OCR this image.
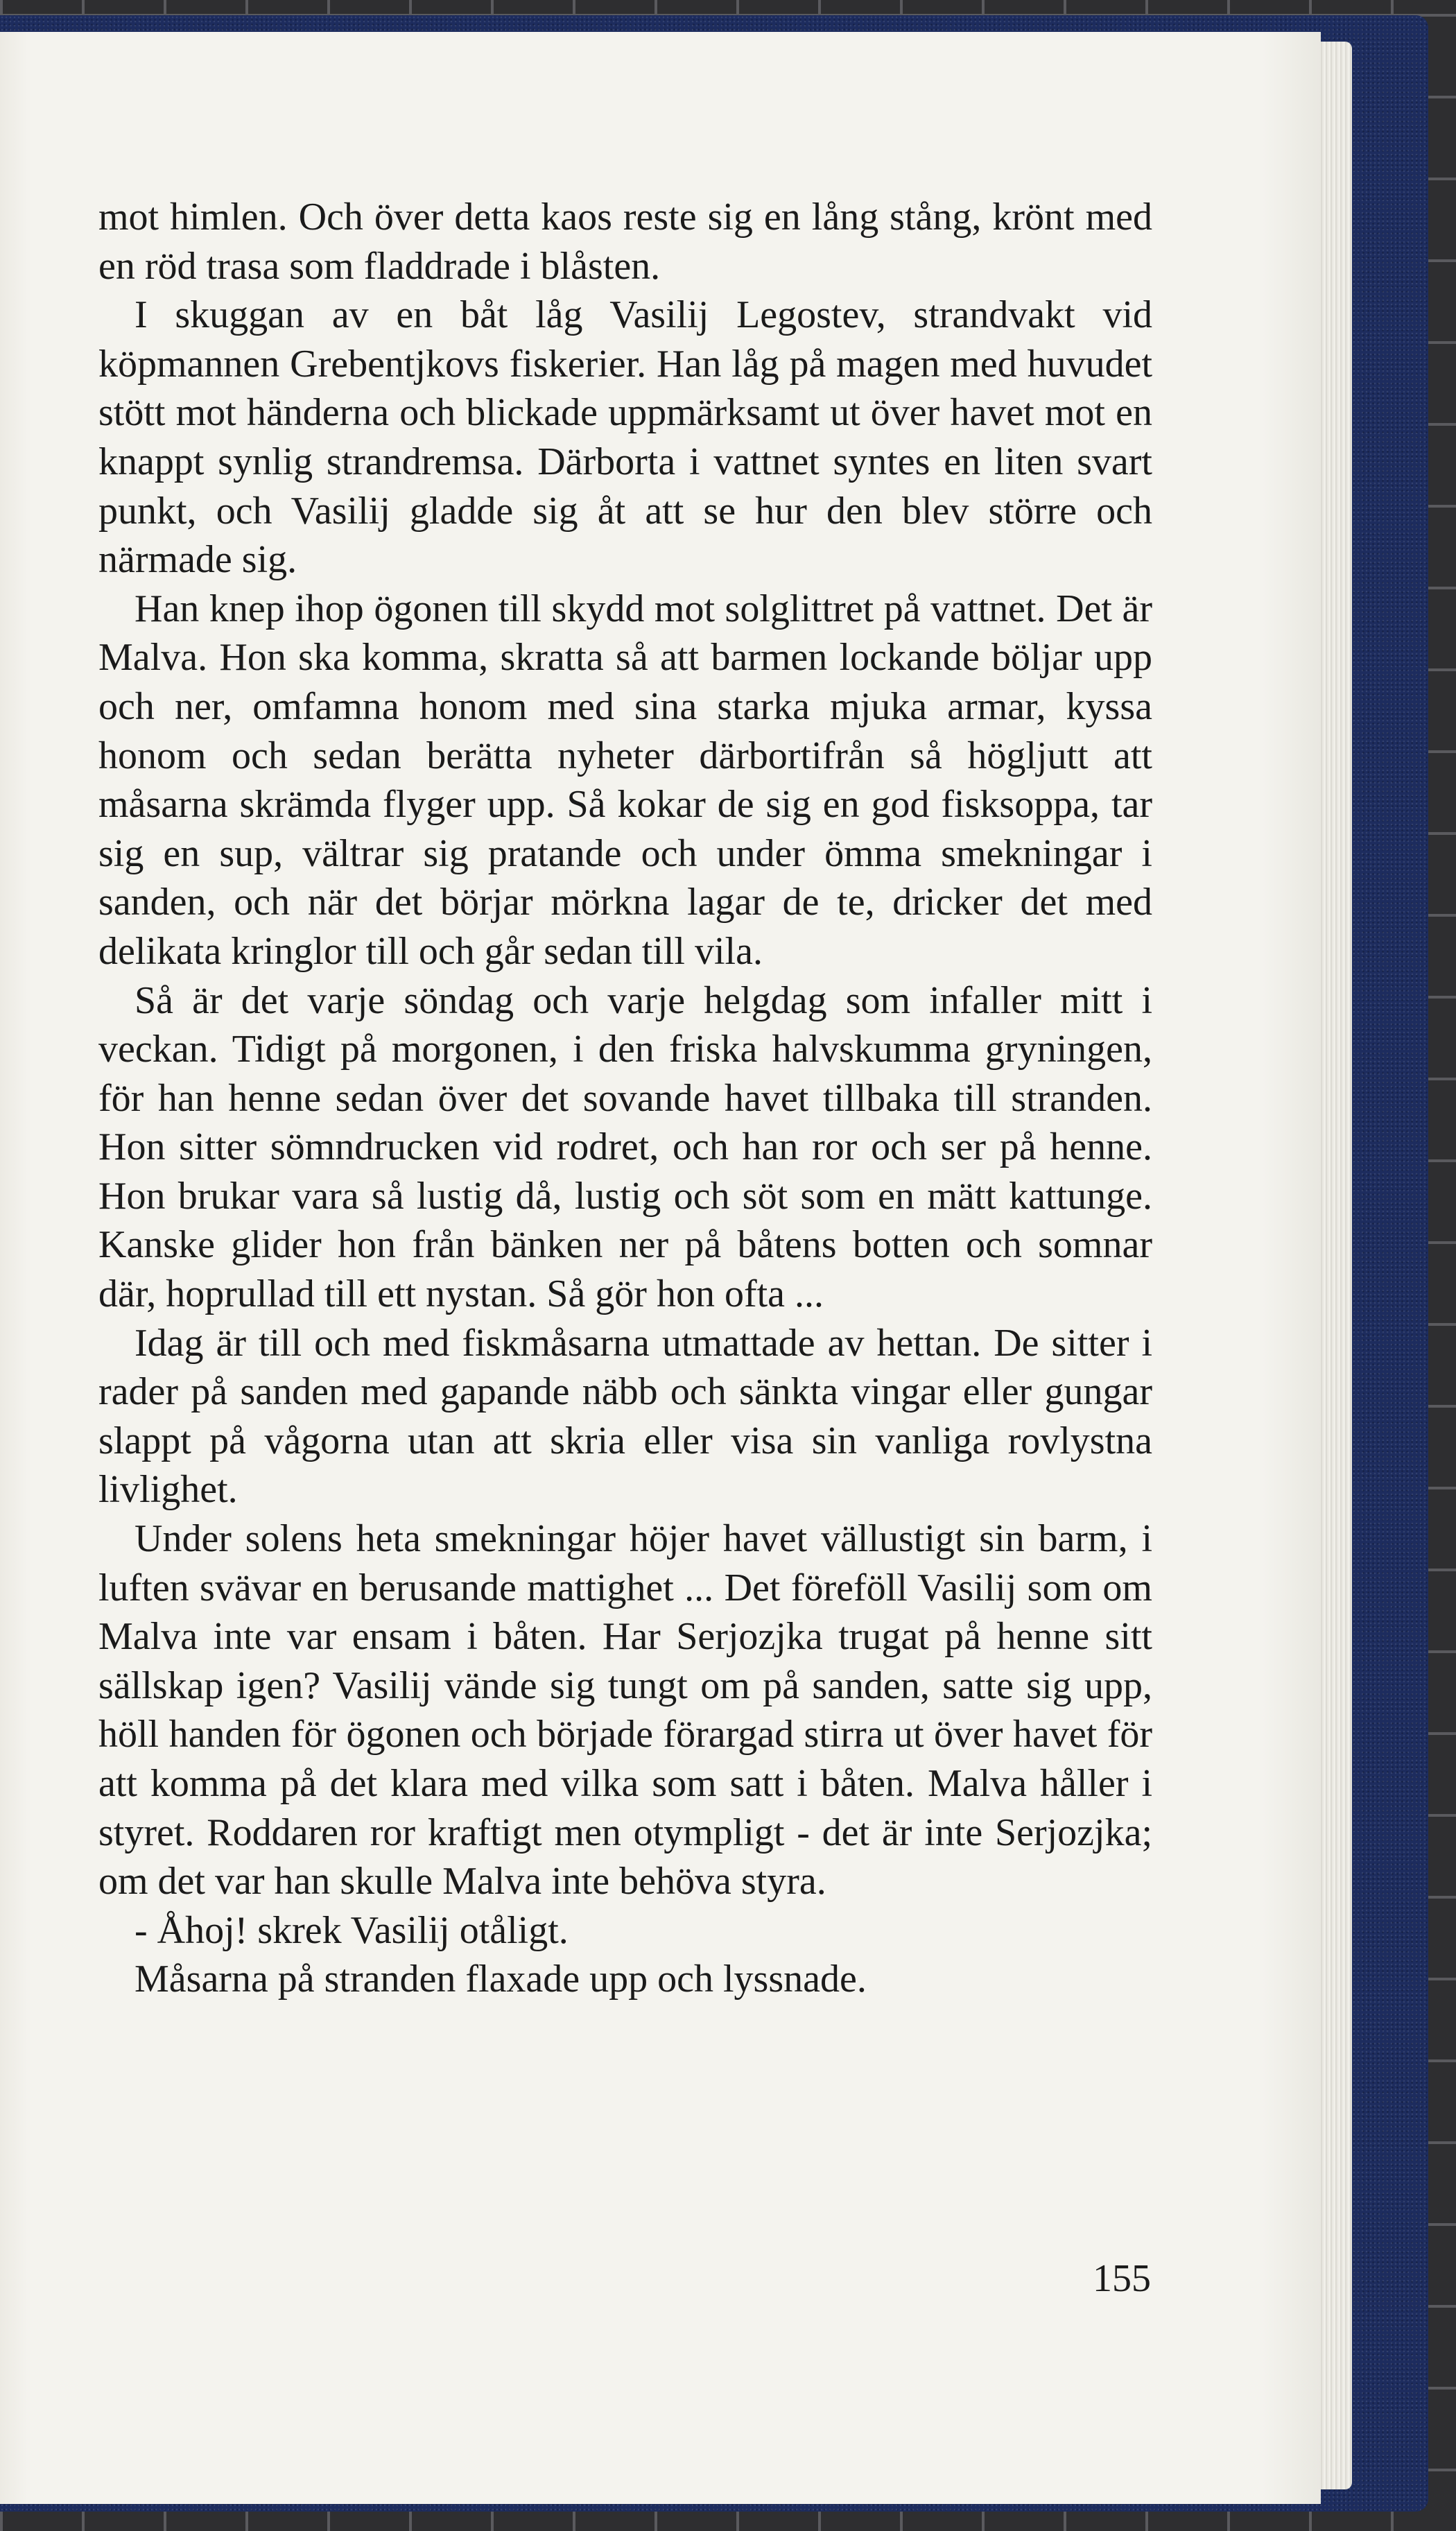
mot himlen. Och över detta kaos reste sig en lång stång, krönt med en röd trasa som fladdrade i blåsten.

I skuggan av en båt låg Vasilij Legostev, strandvakt vid köpmannen Grebentjkovs fiskerier. Han låg på magen med huvudet stött mot händerna och blickade uppmärksamt ut över havet mot en knappt synlig strandremsa. Därborta i vattnet syntes en liten svart punkt, och Vasilij gladde sig åt att se hur den blev större och närmade sig.

Han knep ihop ögonen till skydd mot solglittret på vattnet. Det är Malva. Hon ska komma, skratta så att barmen lockande böljar upp och ner, omfamna honom med sina starka mjuka armar, kyssa honom och sedan berätta nyheter därbortifrån så högljutt att måsarna skrämda flyger upp. Så kokar de sig en god fisksoppa, tar sig en sup, vältrar sig pratande och under ömma smekningar i sanden, och när det börjar mörkna lagar de te, dricker det med delikata kringlor till och går sedan till vila.

Så är det varje söndag och varje helgdag som infaller mitt i veckan. Tidigt på morgonen, i den friska halvskumma gryningen, för han henne sedan över det sovande havet tillbaka till stranden. Hon sitter sömndrucken vid rodret, och han ror och ser på henne. Hon brukar vara så lustig då, lustig och söt som en mätt kattunge. Kanske glider hon från bänken ner på båtens botten och somnar där, hoprullad till ett nystan. Så gör hon ofta ...

Idag är till och med fiskmåsarna utmattade av hettan. De sitter i rader på sanden med gapande näbb och sänkta vingar eller gungar slappt på vågorna utan att skria eller visa sin vanliga rovlystna livlighet.

Under solens heta smekningar höjer havet vällustigt sin barm, i luften svävar en berusande mattighet ... Det föreföll Vasilij som om Malva inte var ensam i båten. Har Serjozjka trugat på henne sitt sällskap igen? Vasilij vände sig tungt om på sanden, satte sig upp, höll handen för ögonen och började förargad stirra ut över havet för att komma på det klara med vilka som satt i båten. Malva håller i styret. Roddaren ror kraftigt men otympligt - det är inte Serjozjka; om det var han skulle Malva inte behöva styra.

- Åhoj! skrek Vasilij otåligt.

Måsarna på stranden flaxade upp och lyssnade.

155
